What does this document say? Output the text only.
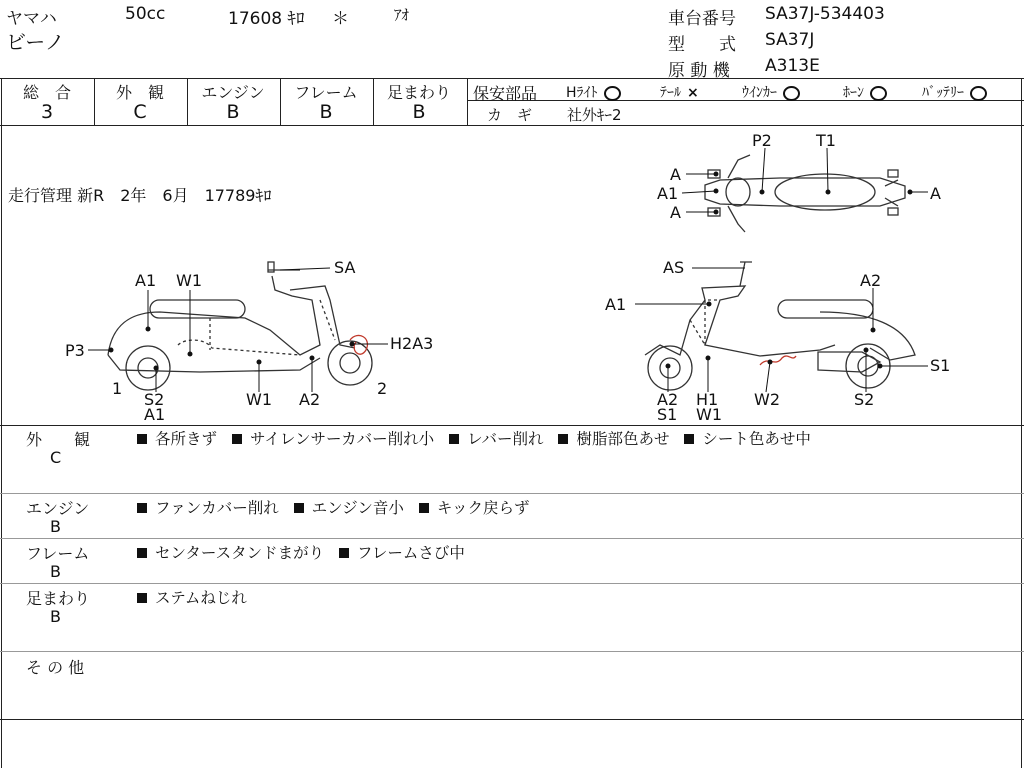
ヤマハ	50cc	17608 ｷﾛ ＊	ｱｵ
ビーノ
車台番号 SA37J-534403
型　　式 SA37J
原 動 機 A313E
総　合
3
外　観
C
エンジン
B
フレーム
B
足まわり
B
保安部品 Hﾗｲﾄ	ﾃｰﾙ ×	ｳｲﾝｶｰ	ﾎｰﾝ	ﾊﾞｯﾃﾘｰ
カ　ギ 社外ｷｰ2
走行管理 新R　2年　6月　17789ｷﾛ
P2	T1
A
A1
A
A
A1 W1
SA
P3	H2A3
1
S2
A1
W1 A2
2
AS
A2
A1
S1
A2
S1
H1
W1
W2	S2
外　　観
C
各所きず サイレンサーカバー削れ小 レバー削れ 樹脂部色あせ シート色あせ中
エンジン
B
ファンカバー削れ エンジン音小 キック戻らず
フレーム
B
センタースタンドまがり フレームさび中
足まわり
B
ステムねじれ
そ の 他
